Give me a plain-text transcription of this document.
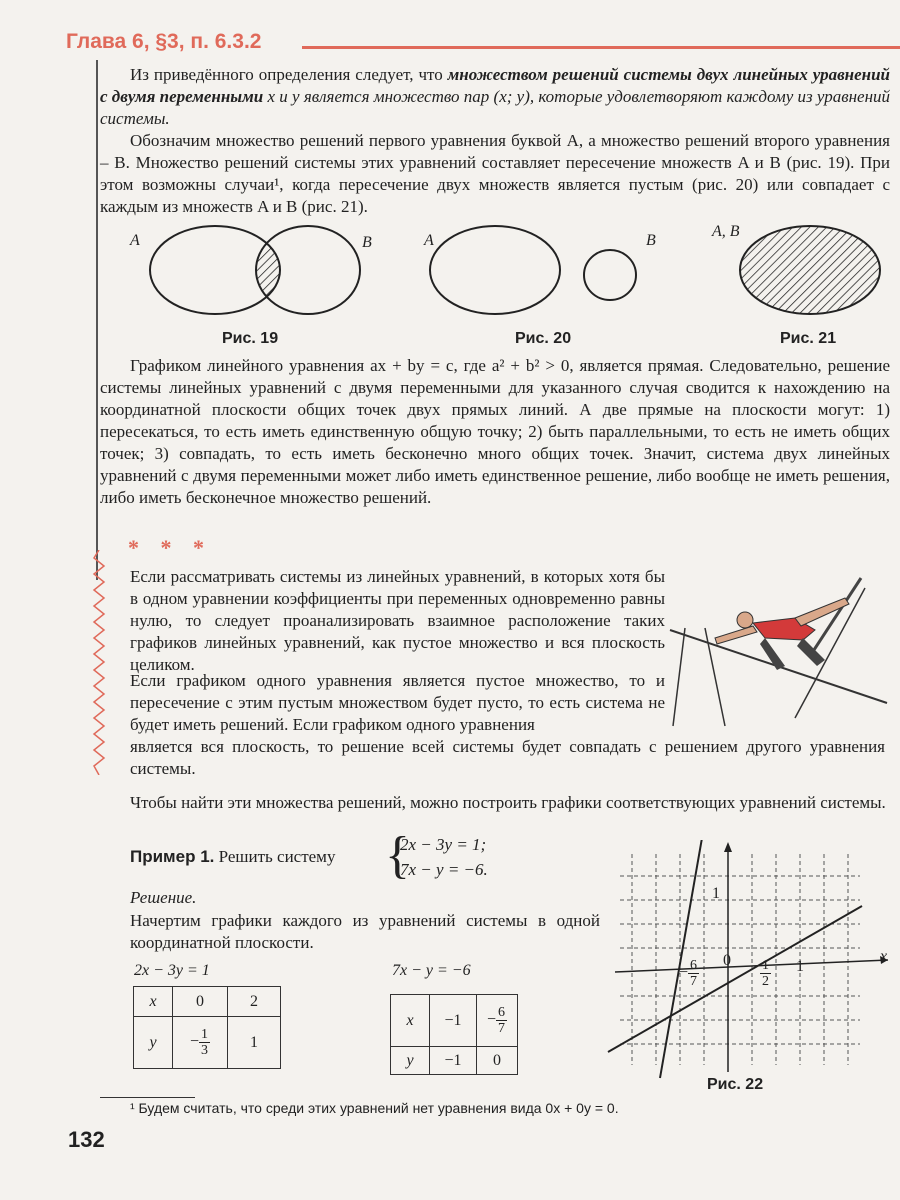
Глава 6, §3, п. 6.3.2

Из приведённого определения следует, что множеством решений системы двух линейных уравнений с двумя переменными x и y является множество пар (x; y), которые удовлетворяют каждому из уравнений системы.

Обозначим множество решений первого уравнения буквой A, а множество решений второго уравнения – B. Множество решений системы этих уравнений составляет пересечение множеств A и B (рис. 19). При этом возможны случаи¹, когда пересечение двух множеств является пустым (рис. 20) или совпадает с каждым из множеств A и B (рис. 21).

A	B	A	B
A, B
Рис. 19	Рис. 20	Рис. 21

Графиком линейного уравнения ax + by = c, где a² + b² > 0, является прямая. Следовательно, решение системы линейных уравнений с двумя переменными для указанного случая сводится к нахождению на координатной плоскости общих точек двух прямых линий. А две прямые на плоскости могут: 1) пересекаться, то есть иметь единственную общую точку; 2) быть параллельными, то есть не иметь общих точек; 3) совпадать, то есть иметь бесконечно много общих точек. Значит, система двух линейных уравнений с двумя переменными может либо иметь единственное решение, либо вообще не иметь решения, либо иметь бесконечное множество решений.

* * *

Если рассматривать системы из линейных уравнений, в которых хотя бы в одном уравнении коэффициенты при переменных одновременно равны нулю, то следует проанализировать взаимное расположение таких графиков линейных уравнений, как пустое множество и вся плоскость целиком.

Если графиком одного уравнения является пустое множество, то и пересечение с этим пустым множеством будет пусто, то есть система не будет иметь решений. Если графиком одного уравнения

является вся плоскость, то решение всей системы будет совпадать с решением другого уравнения системы.

Чтобы найти эти множества решений, можно построить графики соответствующих уравнений системы.

Пример 1. Решить систему {
2x − 3y = 1;
7x − y = −6.
Решение.

Начертим графики каждого из уравнений системы в одной координатной плоскости.

2x − 3y = 1
x	0	2
y	− $\frac{1}{3}$	1
7x − y = −6
x	−1	− $\frac{6}{7}$

y	−1	0
x
0	1
1
− $\frac{6}{7}$	$\frac{1}{2}$
Рис. 22
¹ Будем считать, что среди этих уравнений нет уравнения вида 0x + 0y = 0.
132
